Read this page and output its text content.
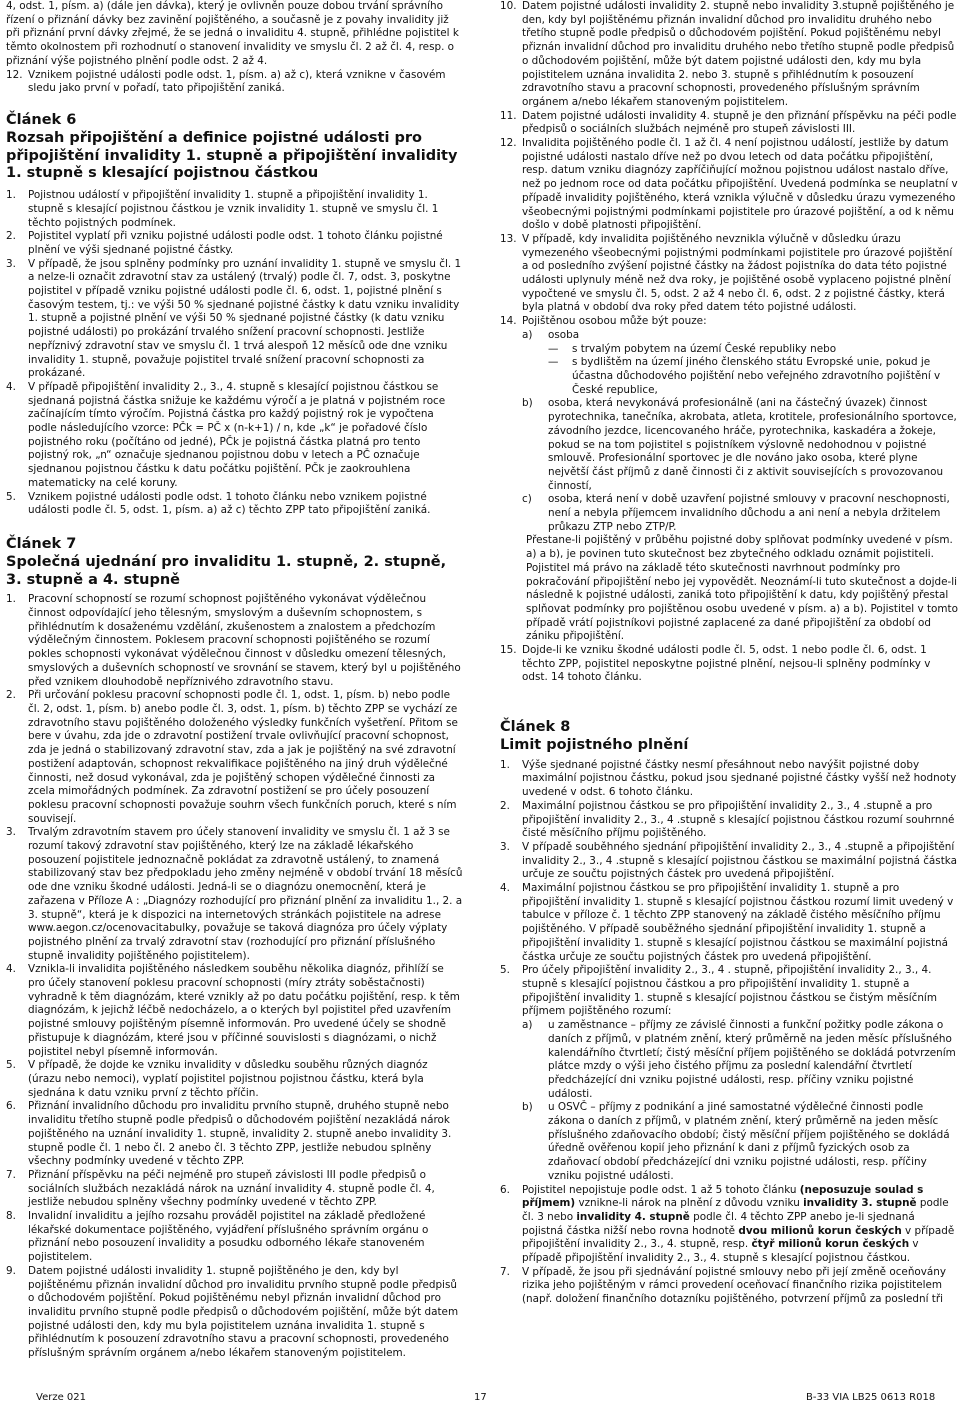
4, odst. 1, písm. a) (dále jen dávka), který je ovlivněn pouze dobou trvání správního řízení o přiznání dávky bez zavinění pojištěného, a současně je z povahy invalidity již při přiznání první dávky zřejmé, že se jedná o invaliditu 4. stupně, přihlédne pojistitel k těmto okolnostem při rozhodnutí o stanovení invalidity ve smyslu čl. 2 až čl. 4, resp. o přiznání výše pojistného plnění podle odst. 2 až 4.

12. Vznikem pojistné události podle odst. 1, písm. a) až c), která vznikne v časovém sledu jako první v pořadí, tato připojištění zaniká.

Článek 6

Rozsah připojištění a definice pojistné události pro připojištění invalidity 1. stupně a připojištění invalidity 1. stupně s klesající pojistnou částkou

1.	Pojistnou událostí v připojištění invalidity 1. stupně a připojištění invalidity 1. stupně s klesající pojistnou částkou je vznik invalidity 1. stupně ve smyslu čl. 1 těchto pojistných podmínek.
2.	Pojistitel vyplatí při vzniku pojistné události podle odst. 1 tohoto článku pojistné plnění ve výši sjednané pojistné částky.
3.	V případě, že jsou splněny podmínky pro uznání invalidity 1. stupně ve smyslu čl. 1 a nelze-li označit zdravotní stav za ustálený (trvalý) podle čl. 7, odst. 3, poskytne pojistitel v případě vzniku pojistné události podle čl. 6, odst. 1, pojistné plnění s časovým testem, tj.: ve výši 50 % sjednané pojistné částky k datu vzniku invalidity 1. stupně a pojistné plnění ve výši 50 % sjednané pojistné částky (k datu vzniku pojistné události) po prokázání trvalého snížení pracovní schopnosti. Jestliže nepříznivý zdravotní stav ve smyslu čl. 1 trvá alespoň 12 měsíců ode dne vzniku invalidity 1. stupně, považuje pojistitel trvalé snížení pracovní schopnosti za prokázané.
4.	V případě připojištění invalidity 2., 3., 4. stupně s klesající pojistnou částkou se sjednaná pojistná částka snižuje ke každému výročí a je platná v pojistném roce začínajícím tímto výročím. Pojistná částka pro každý pojistný rok je vypočtena podle následujícího vzorce: PČk = PČ x (n-k+1) / n, kde „k“ je pořadové číslo pojistného roku (počítáno od jedné), PČk je pojistná částka platná pro tento pojistný rok, „n“ označuje sjednanou pojistnou dobu v letech a PČ označuje sjednanou pojistnou částku k datu počátku pojištění. PČk je zaokrouhlena matematicky na celé koruny.
5.	Vznikem pojistné události podle odst. 1 tohoto článku nebo vznikem pojistné události podle čl. 5, odst. 1, písm. a) až c) těchto ZPP tato připojištění zaniká.

Článek 7

Společná ujednání pro invaliditu 1. stupně, 2. stupně, 3. stupně a 4. stupně

1.	Pracovní schopností se rozumí schopnost pojištěného vykonávat výdělečnou činnost odpovídající jeho tělesným, smyslovým a duševním schopnostem, s přihlédnutím k dosaženému vzdělání, zkušenostem a znalostem a předchozím výdělečným činnostem. Poklesem pracovní schopnosti pojištěného se rozumí pokles schopnosti vykonávat výdělečnou činnost v důsledku omezení tělesných, smyslových a duševních schopností ve srovnání se stavem, který byl u pojištěného před vznikem dlouhodobě nepříznivého zdravotního stavu.
2.	Při určování poklesu pracovní schopnosti podle čl. 1, odst. 1, písm. b) nebo podle čl. 2, odst. 1, písm. b) anebo podle čl. 3, odst. 1, písm. b) těchto ZPP se vychází ze zdravotního stavu pojištěného doloženého výsledky funkčních vyšetření. Přitom se bere v úvahu, zda jde o zdravotní postižení trvale ovlivňující pracovní schopnost, zda je jedná o stabilizovaný zdravotní stav, zda a jak je pojištěný na své zdravotní postižení adaptován, schopnost rekvalifikace pojištěného na jiný druh výdělečné činnosti, než dosud vykonával, zda je pojištěný schopen výdělečné činnosti za zcela mimořádných podmínek. Za zdravotní postižení se pro účely posouzení poklesu pracovní schopnosti považuje souhrn všech funkčních poruch, které s ním souvisejí.
3.	Trvalým zdravotním stavem pro účely stanovení invalidity ve smyslu čl. 1 až 3 se rozumí takový zdravotní stav pojištěného, který lze na základě lékařského posouzení pojistitele jednoznačně pokládat za zdravotně ustálený, to znamená stabilizovaný stav bez předpokladu jeho změny nejméně v období trvání 18 měsíců ode dne vzniku škodné události. Jedná-li se o diagnózu onemocnění, která je zařazena v Příloze A : „Diagnózy rozhodující pro přiznání plnění za invaliditu 1., 2. a 3. stupně“, která je k dispozici na internetových stránkách pojistitele na adrese www.aegon.cz/ocenovacitabulky, považuje se taková diagnóza pro účely výplaty pojistného plnění za trvalý zdravotní stav (rozhodující pro přiznání příslušného stupně invalidity pojištěného pojistitelem).
4.	Vznikla-li invalidita pojištěného následkem souběhu několika diagnóz, přihlíží se pro účely stanovení poklesu pracovní schopnosti (míry ztráty soběstačnosti) vyhradně k těm diagnózám, které vznikly až po datu počátku pojištění, resp. k těm diagnózám, k jejichž léčbě nedocházelo, a o kterých byl pojistitel před uzavřením pojistné smlouvy pojištěným písemně informován. Pro uvedené účely se shodně přistupuje k diagnózám, které jsou v příčinné souvislosti s diagnózami, o nichž pojistitel nebyl písemně informován.
5.	V případě, že dojde ke vzniku invalidity v důsledku souběhu různých diagnóz (úrazu nebo nemoci), vyplatí pojistitel pojistnou pojistnou částku, která byla sjednána k datu vzniku první z těchto příčin.
6.	Přiznání invalidního důchodu pro invaliditu prvního stupně, druhého stupně nebo invaliditu třetího stupně podle předpisů o důchodovém pojištění nezakládá nárok pojištěného na uznání invalidity 1. stupně, invalidity 2. stupně anebo invalidity 3. stupně podle čl. 1 nebo čl. 2 anebo čl. 3 těchto ZPP, jestliže nebudou splněny všechny podmínky uvedené v těchto ZPP.
7.	Přiznání příspěvku na péči nejméně pro stupeň závislosti III podle předpisů o sociálních službách nezakládá nárok na uznání invalidity 4. stupně podle čl. 4, jestliže nebudou splněny všechny podmínky uvedené v těchto ZPP.
8.	Invalidní invaliditu a jejího rozsahu prováděl pojistitel na základě předložené lékařské dokumentace pojištěného, vyjádření příslušného správním orgánu o přiznání nebo posouzení invalidity a posudku odborného lékaře stanoveném pojistitelem.
9.	Datem pojistné události invalidity 1. stupně pojištěného je den, kdy byl pojištěnému přiznán invalidní důchod pro invaliditu prvního stupně podle předpisů o důchodovém pojištění. Pokud pojištěnému nebyl přiznán invalidní důchod pro invaliditu prvního stupně podle předpisů o důchodovém pojištění, může být datem pojistné události den, kdy mu byla pojistitelem uznána invalidita 1. stupně s přihlédnutím k posouzení zdravotního stavu a pracovní schopnosti, provedeného příslušným správním orgánem a/nebo lékařem stanoveným pojistitelem.
10. Datem pojistné události invalidity 2. stupně nebo invalidity 3.stupně pojištěného je den, kdy byl pojištěnému přiznán invalidní důchod pro invaliditu druhého nebo třetího stupně podle předpisů o důchodovém pojištění. Pokud pojištěnému nebyl přiznán invalidní důchod pro invaliditu druhého nebo třetího stupně podle předpisů o důchodovém pojištění, může být datem pojistné události den, kdy mu byla pojistitelem uznána invalidita 2. nebo 3. stupně s přihlédnutím k posouzení zdravotního stavu a pracovní schopnosti, provedeného příslušným správním orgánem a/nebo lékařem stanoveným pojistitelem.
11. Datem pojistné události invalidity 4. stupně je den přiznání příspěvku na péči podle předpisů o sociálních službách nejméně pro stupeň závislosti III.
12. Invalidita pojištěného podle čl. 1 až čl. 4 není pojistnou událostí, jestliže by datum pojistné události nastalo dříve než po dvou letech od data počátku připojištění, resp. datum vzniku diagnózy zapříčiňující možnou pojistnou událost nastalo dříve, než po jednom roce od data počátku připojištění. Uvedená podmínka se neuplatní v případě invalidity pojištěného, která vznikla výlučně v důsledku úrazu vymezeného všeobecnými pojistnými podmínkami pojistitele pro úrazové pojištění, a od k němu došlo v době platnosti připojištění.
13. V případě, kdy invalidita pojištěného nevznikla výlučně v důsledku úrazu vymezeného všeobecnými pojistnými podmínkami pojistitele pro úrazové pojištění a od posledního zvýšení pojistné částky na žádost pojistníka do data této pojistné události uplynuly méně než dva roky, je pojištěné osobě vyplaceno pojistné plnění vypočtené ve smyslu čl. 5, odst. 2 až 4 nebo čl. 6, odst. 2 z pojistné částky, která byla platná v období dva roky před datem této pojistné události.
14. Pojištěnou osobou může být pouze:
a)	osoba
—	s trvalým pobytem na území České republiky nebo
—	s bydlištěm na území jiného členského státu Evropské unie, pokud je účastna důchodového pojištění nebo veřejného zdravotního pojištění v České republice,
b)	osoba, která nevykonává profesionálně (ani na částečný úvazek) činnost pyrotechnika, tanečníka, akrobata, atleta, krotitele, profesionálního sportovce, závodního jezdce, licencovaného hráče, pyrotechnika, kaskadéra a žokeje, pokud se na tom pojistitel s pojistníkem výslovně nedohodnou v pojistné smlouvě. Profesionální sportovec je dle nováno jako osoba, které plyne největší část příjmů z daně činnosti či z aktivit souvisejících s provozovanou činností,
c)	osoba, která není v době uzavření pojistné smlouvy v pracovní neschopnosti, není a nebyla příjemcem invalidního důchodu a ani není a nebyla držitelem průkazu ZTP nebo ZTP/P.

Přestane-li pojištěný v průběhu pojistné doby splňovat podmínky uvedené v písm. a) a b), je povinen tuto skutečnost bez zbytečného odkladu oznámit pojistiteli. Pojistitel má právo na základě této skutečnosti navrhnout podmínky pro pokračování připojištění nebo jej vypovědět. Neoznámí-li tuto skutečnost a dojde-li následně k pojistné události, zaniká toto připojištění k datu, kdy pojištěný přestal splňovat podmínky pro pojištěnou osobu uvedené v písm. a) a b). Pojistitel v tomto případě vrátí pojistníkovi pojistné zaplacené za dané připojištění za období od zániku připojištění.

15. Dojde-li ke vzniku škodné události podle čl. 5, odst. 1 nebo podle čl. 6, odst. 1 těchto ZPP, pojistitel neposkytne pojistné plnění, nejsou-li splněny podmínky v odst. 14 tohoto článku.

Článek 8

Limit pojistného plnění

1.	Výše sjednané pojistné částky nesmí přesáhnout nebo navýšit pojistné doby maximální pojistnou částku, pokud jsou sjednané pojistné částky vyšší než hodnoty uvedené v odst. 6 tohoto článku.
2.	Maximální pojistnou částkou se pro připojištění invalidity 2., 3., 4 .stupně a pro připojištění invalidity 2., 3., 4 .stupně s klesající pojistnou částkou rozumí souhrnné čisté měsíčního příjmu pojištěného.
3.	V případě souběhného sjednání připojištění invalidity 2., 3., 4 .stupně a připojištění invalidity 2., 3., 4 .stupně s klesající pojistnou částkou se maximální pojistná částka určuje ze součtu pojistných částek pro uvedená připojištění.
4.	Maximální pojistnou částkou se pro připojištění invalidity 1. stupně a pro připojištění invalidity 1. stupně s klesající pojistnou částkou rozumí limit uvedený v tabulce v příloze č. 1 těchto ZPP stanovený na základě čistého měsíčního příjmu pojištěného. V případě souběžného sjednání připojištění invalidity 1. stupně a připojištění invalidity 1. stupně s klesající pojistnou částkou se maximální pojistná částka určuje ze součtu pojistných částek pro uvedená připojištění.
5.	Pro účely připojištění invalidity 2., 3., 4 . stupně, připojištění invalidity 2., 3., 4. stupně s klesající pojistnou částkou a pro připojištění invalidity 1. stupně a připojištění invalidity 1. stupně s klesající pojistnou částkou se čistým měsíčním příjmem pojištěného rozumí:
a)	u zaměstnance – příjmy ze závislé činnosti a funkční požitky podle zákona o daních z příjmů, v platném znění, který průměrně na jeden měsíc příslušného kalendářního čtvrtletí; čistý měsíční příjem pojištěného se dokládá potvrzením plátce mzdy o výši jeho čistého příjmu za poslední kalendářní čtvrtletí předcházející dni vzniku pojistné události, resp. příčiny vzniku pojistné události.
b)	u OSVČ – příjmy z podnikání a jiné samostatné výdělečné činnosti podle zákona o daních z příjmů, v platném znění, který průměrně na jeden měsíc příslušného zdaňovacího období; čistý měsíční příjem pojištěného se dokládá úředně ověřenou kopií jeho přiznání k dani z příjmů fyzických osob za zdaňovací období předcházející dni vzniku pojistné události, resp. příčiny vzniku pojistné události.
6.	Pojistitel nepojistuje podle odst. 1 až 5 tohoto článku (neposuzuje soulad s příjmem) vznikne-li nárok na plnění z důvodu vzniku invalidity 3. stupně podle čl. 3 nebo invalidity 4. stupně podle čl. 4 těchto ZPP anebo je-li sjednaná pojistná částka nižší nebo rovna hodnotě dvou milionů korun českých v případě připojištění invalidity 2., 3., 4. stupně, resp. čtyř milionů korun českých v případě připojištění invalidity 2., 3., 4. stupně s klesající pojistnou částkou.
7.	V případě, že jsou při sjednávání pojistné smlouvy nebo při její změně oceňovány rizika jeho pojištěným v rámci provedení oceňovací finančního rizika pojistitelem (např. doložení finančního dotazníku pojištěného, potvrzení příjmů za poslední tři
Verze 021	17	B-33 VIA LB25 0613 R018
